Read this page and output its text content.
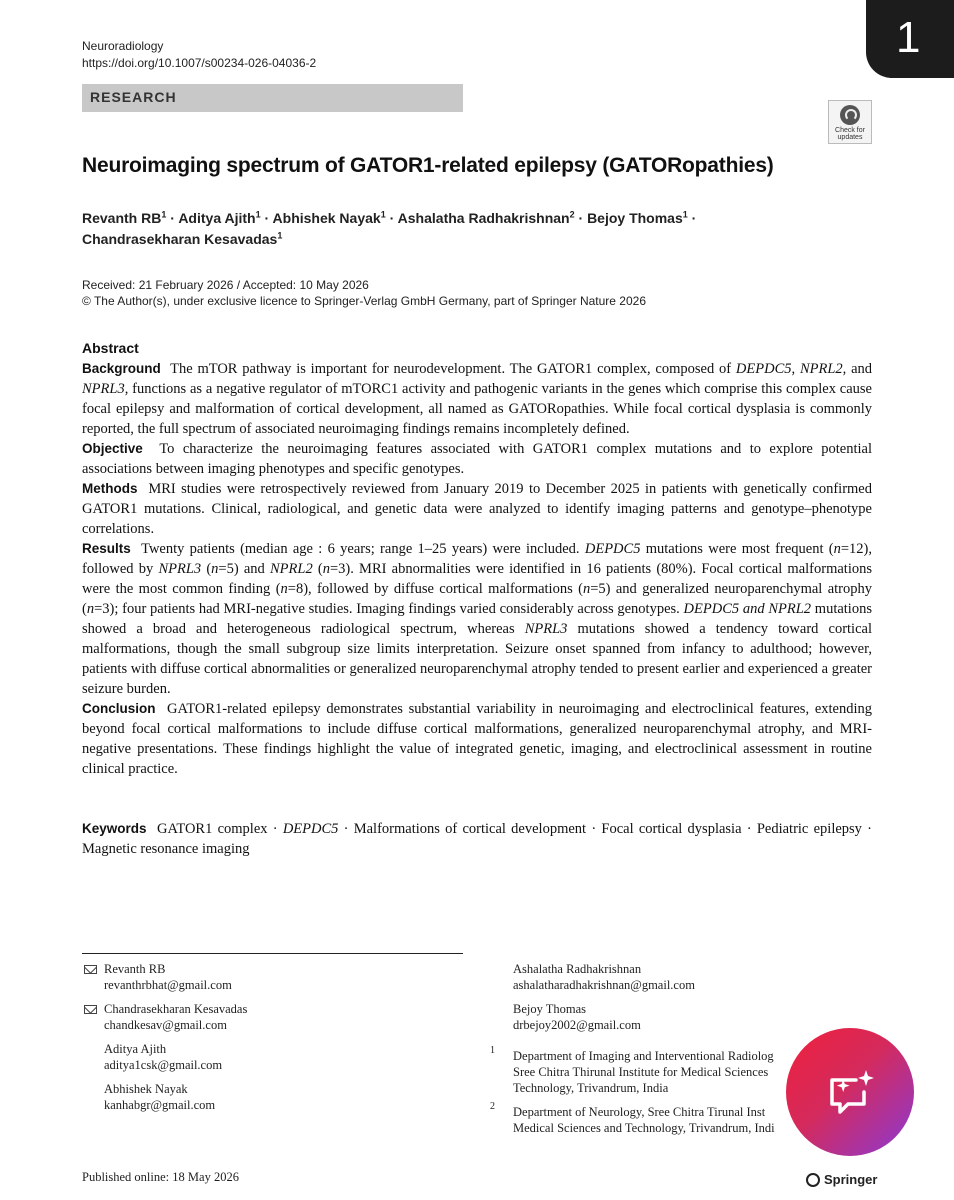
Neuroradiology
https://doi.org/10.1007/s00234-026-04036-2
1
RESEARCH
Check for updates
Neuroimaging spectrum of GATOR1-related epilepsy (GATORopathies)
Revanth $RB^1$ · Aditya Ajith$^1$ · Abhishek Nayak$^1$ · Ashalatha Radhakrishnan$^2$ · Bejoy Thomas$^1$ ·
Chandrasekharan Kesavadas$^1$
Received: 21 February 2026 / Accepted: 10 May 2026
© The Author(s), under exclusive licence to Springer-Verlag GmbH Germany, part of Springer Nature 2026
Abstract

Background The mTOR pathway is important for neurodevelopment. The GATOR1 complex, composed of DEPDC5, NPRL2, and NPRL3, functions as a negative regulator of mTORC1 activity and pathogenic variants in the genes which comprise this complex cause focal epilepsy and malformation of cortical development, all named as GATORopathies. While focal cortical dysplasia is commonly reported, the full spectrum of associated neuroimaging findings remains incompletely defined.

Objective To characterize the neuroimaging features associated with GATOR1 complex mutations and to explore potential associations between imaging phenotypes and specific genotypes.

Methods MRI studies were retrospectively reviewed from January 2019 to December 2025 in patients with genetically confirmed GATOR1 mutations. Clinical, radiological, and genetic data were analyzed to identify imaging patterns and genotype–phenotype correlations.

Results Twenty patients (median age : 6 years; range 1–25 years) were included. DEPDC5 mutations were most frequent (n=12), followed by NPRL3 (n=5) and NPRL2 (n=3). MRI abnormalities were identified in 16 patients (80%). Focal cortical malformations were the most common finding (n=8), followed by diffuse cortical malformations (n=5) and generalized neuroparenchymal atrophy (n=3); four patients had MRI-negative studies. Imaging findings varied considerably across genotypes. DEPDC5 and NPRL2 mutations showed a broad and heterogeneous radiological spectrum, whereas NPRL3 mutations showed a tendency toward cortical malformations, though the small subgroup size limits interpretation. Seizure onset spanned from infancy to adulthood; however, patients with diffuse cortical abnormalities or generalized neuroparenchymal atrophy tended to present earlier and experienced a greater seizure burden.

Conclusion GATOR1-related epilepsy demonstrates substantial variability in neuroimaging and electroclinical features, extending beyond focal cortical malformations to include diffuse cortical malformations, generalized neuroparenchymal atrophy, and MRI-negative presentations. These findings highlight the value of integrated genetic, imaging, and electroclinical assessment in routine clinical practice.

Keywords GATOR1 complex · DEPDC5 · Malformations of cortical development · Focal cortical dysplasia · Pediatric epilepsy · Magnetic resonance imaging
Revanth RB
revanthrbhat@gmail.com
Chandrasekharan Kesavadas
chandkesav@gmail.com
Aditya Ajith
aditya1csk@gmail.com
Abhishek Nayak
kanhabgr@gmail.com
Ashalatha Radhakrishnan
ashalatharadhakrishnan@gmail.com
Bejoy Thomas
drbejoy2002@gmail.com
1 Department of Imaging and Interventional Radiolog
Sree Chitra Thirunal Institute for Medical Sciences
Technology, Trivandrum, India
2 Department of Neurology, Sree Chitra Tirunal Inst
Medical Sciences and Technology, Trivandrum, Indi
Published online: 18 May 2026	Springer
